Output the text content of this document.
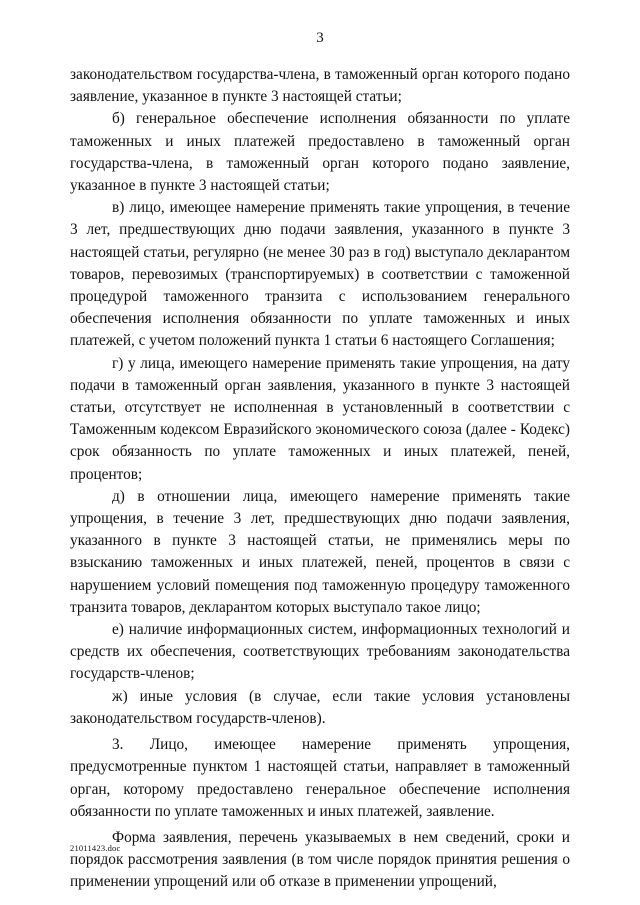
3

законодательством государства-члена, в таможенный орган которого подано заявление, указанное в пункте 3 настоящей статьи;

б) генеральное обеспечение исполнения обязанности по уплате таможенных и иных платежей предоставлено в таможенный орган государства-члена, в таможенный орган которого подано заявление, указанное в пункте 3 настоящей статьи;

в) лицо, имеющее намерение применять такие упрощения, в течение 3 лет, предшествующих дню подачи заявления, указанного в пункте 3 настоящей статьи, регулярно (не менее 30 раз в год) выступало декларантом товаров, перевозимых (транспортируемых) в соответствии с таможенной процедурой таможенного транзита с использованием генерального обеспечения исполнения обязанности по уплате таможенных и иных платежей, с учетом положений пункта 1 статьи 6 настоящего Соглашения;

г) у лица, имеющего намерение применять такие упрощения, на дату подачи в таможенный орган заявления, указанного в пункте 3 настоящей статьи, отсутствует не исполненная в установленный в соответствии с Таможенным кодексом Евразийского экономического союза (далее - Кодекс) срок обязанность по уплате таможенных и иных платежей, пеней, процентов;

д) в отношении лица, имеющего намерение применять такие упрощения, в течение 3 лет, предшествующих дню подачи заявления, указанного в пункте 3 настоящей статьи, не применялись меры по взысканию таможенных и иных платежей, пеней, процентов в связи с нарушением условий помещения под таможенную процедуру таможенного транзита товаров, декларантом которых выступало такое лицо;

е) наличие информационных систем, информационных технологий и средств их обеспечения, соответствующих требованиям законодательства государств-членов;

ж) иные условия (в случае, если такие условия установлены законодательством государств-членов).

3. Лицо, имеющее намерение применять упрощения, предусмотренные пунктом 1 настоящей статьи, направляет в таможенный орган, которому предоставлено генеральное обеспечение исполнения обязанности по уплате таможенных и иных платежей, заявление.

Форма заявления, перечень указываемых в нем сведений, сроки и порядок рассмотрения заявления (в том числе порядок принятия решения о применении упрощений или об отказе в применении упрощений,

21011423.doc
